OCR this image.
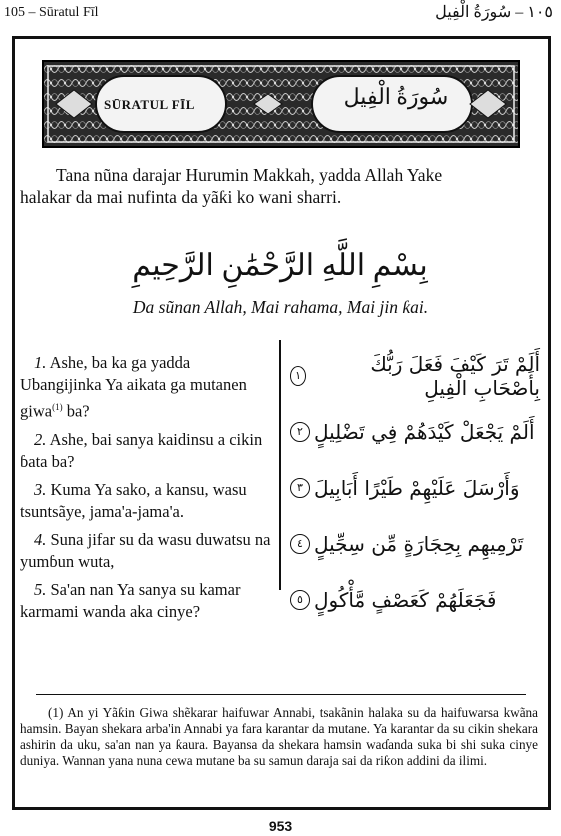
105 – Sūratul Fīl	١٠٥ – سُورَةُ الْفِيل
SŪRATUL FĪL	سُورَةُ الْفِيل
Tana nũna darajar Hurumin Makkah, yadda Allah Yake
halakar da mai nufinta da yãƙi ko wani sharri.
بِسْمِ اللَّهِ الرَّحْمَٰنِ الرَّحِيمِ
Da sũnan Allah, Mai rahama, Mai jin ƙai.
1. Ashe, ba ka ga yadda Ubangijinka Ya aikata ga mutanen giwa$^{(1)}$ ba?
2. Ashe, bai sanya kaidinsu a cikin ɓata ba?
3. Kuma Ya sako, a kansu, wasu tsuntsãye, jama'a-jama'a.
4. Suna jifar su da wasu duwatsu na yumɓun wuta,
5. Sa'an nan Ya sanya su kamar karmami wanda aka cinye?
أَلَمْ تَرَ كَيْفَ فَعَلَ رَبُّكَ بِأَصْحَابِ الْفِيلِ
١
أَلَمْ يَجْعَلْ كَيْدَهُمْ فِي تَضْلِيلٍ
٢
وَأَرْسَلَ عَلَيْهِمْ طَيْرًا أَبَابِيلَ
٣
تَرْمِيهِم بِحِجَارَةٍ مِّن سِجِّيلٍ
٤
فَجَعَلَهُمْ كَعَصْفٍ مَّأْكُولٍ
٥
(1) An yi Yãƙin Giwa shẽkarar haifuwar Annabi, tsakãnin halaka su da haifuwarsa kwãna hamsin. Bayan shekara arba'in Annabi ya fara karantar da mutane. Ya karantar da su cikin shekara ashirin da uku, sa'an nan ya ƙaura. Bayansa da shekara hamsin waɗanda suka bi shi suka cinye duniya. Wannan yana nuna cewa mutane ba su samun daraja sai da riƙon addini da ilimi.
953
